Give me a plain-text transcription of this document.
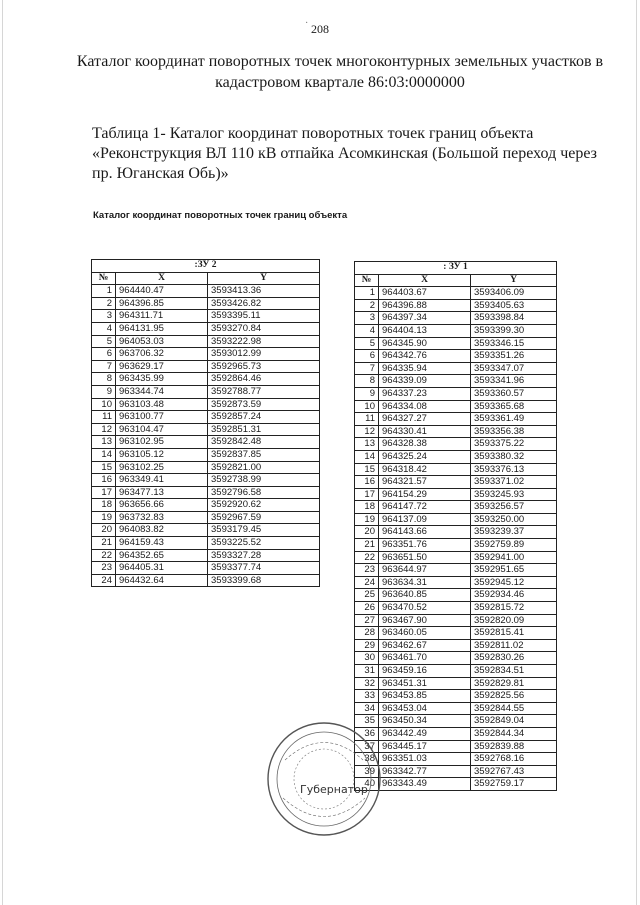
· 208
Каталог координат поворотных точек многоконтурных земельных участков в кадастровом квартале 86:03:0000000
Таблица 1- Каталог координат поворотных точек границ объекта «Реконструкция ВЛ 110 кВ отпайка Асомкинская (Большой переход через пр. Юганская Обь)»
Каталог координат поворотных точек границ объекта
:ЗУ 2		
№	X	Y
1	964440.47	3593413.36
2	964396.85	3593426.82
3	964311.71	3593395.11
4	964131.95	3593270.84
5	964053.03	3593222.98
6	963706.32	3593012.99
7	963629.17	3592965.73
8	963435.99	3592864.46
9	963344.74	3592788.77
10	963103.48	3592873.59
11	963100.77	3592857.24
12	963104.47	3592851.31
13	963102.95	3592842.48
14	963105.12	3592837.85
15	963102.25	3592821.00
16	963349.41	3592738.99
17	963477.13	3592796.58
18	963656.66	3592920.62
19	963732.83	3592967.59
20	964083.82	3593179.45
21	964159.43	3593225.52
22	964352.65	3593327.28
23	964405.31	3593377.74
24	964432.64	3593399.68
: ЗУ 1		
№	X	Y
1	964403.67	3593406.09
2	964396.88	3593405.63
3	964397.34	3593398.84
4	964404.13	3593399.30
5	964345.90	3593346.15
6	964342.76	3593351.26
7	964335.94	3593347.07
8	964339.09	3593341.96
9	964337.23	3593360.57
10	964334.08	3593365.68
11	964327.27	3593361.49
12	964330.41	3593356.38
13	964328.38	3593375.22
14	964325.24	3593380.32
15	964318.42	3593376.13
16	964321.57	3593371.02
17	964154.29	3593245.93
18	964147.72	3593256.57
19	964137.09	3593250.00
20	964143.66	3593239.37
21	963351.76	3592759.89
22	963651.50	3592941.00
23	963644.97	3592951.65
24	963634.31	3592945.12
25	963640.85	3592934.46
26	963470.52	3592815.72
27	963467.90	3592820.09
28	963460.05	3592815.41
29	963462.67	3592811.02
30	963461.70	3592830.26
31	963459.16	3592834.51
32	963451.31	3592829.81
33	963453.85	3592825.56
34	963453.04	3592844.55
35	963450.34	3592849.04
36	963442.49	3592844.34
37	963445.17	3592839.88
38	963351.03	3592768.16
39	963342.77	3592767.43
40	963343.49	3592759.17
Губернатор
